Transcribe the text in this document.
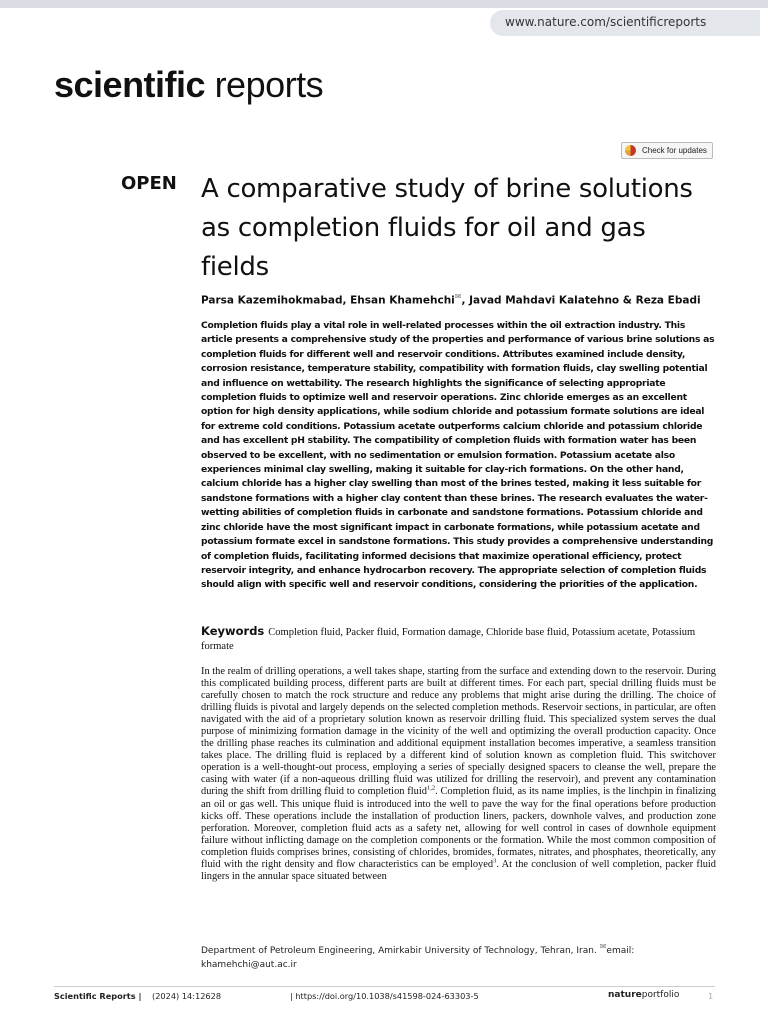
www.nature.com/scientificreports
scientific reports
Check for updates
OPEN A comparative study of brine solutions as completion fluids for oil and gas fields
Parsa Kazemihokmabad, Ehsan Khamehchi✉, Javad Mahdavi Kalatehno & Reza Ebadi

Completion fluids play a vital role in well-related processes within the oil extraction industry. This article presents a comprehensive study of the properties and performance of various brine solutions as completion fluids for different well and reservoir conditions. Attributes examined include density, corrosion resistance, temperature stability, compatibility with formation fluids, clay swelling potential and influence on wettability. The research highlights the significance of selecting appropriate completion fluids to optimize well and reservoir operations. Zinc chloride emerges as an excellent option for high density applications, while sodium chloride and potassium formate solutions are ideal for extreme cold conditions. Potassium acetate outperforms calcium chloride and potassium chloride and has excellent pH stability. The compatibility of completion fluids with formation water has been observed to be excellent, with no sedimentation or emulsion formation. Potassium acetate also experiences minimal clay swelling, making it suitable for clay-rich formations. On the other hand, calcium chloride has a higher clay swelling than most of the brines tested, making it less suitable for sandstone formations with a higher clay content than these brines. The research evaluates the water-wetting abilities of completion fluids in carbonate and sandstone formations. Potassium chloride and zinc chloride have the most significant impact in carbonate formations, while potassium acetate and potassium formate excel in sandstone formations. This study provides a comprehensive understanding of completion fluids, facilitating informed decisions that maximize operational efficiency, protect reservoir integrity, and enhance hydrocarbon recovery. The appropriate selection of completion fluids should align with specific well and reservoir conditions, considering the priorities of the application.

Keywords Completion fluid, Packer fluid, Formation damage, Chloride base fluid, Potassium acetate, Potassium formate

In the realm of drilling operations, a well takes shape, starting from the surface and extending down to the reservoir. During this complicated building process, different parts are built at different times. For each part, special drilling fluids must be carefully chosen to match the rock structure and reduce any problems that might arise during the drilling. The choice of drilling fluids is pivotal and largely depends on the selected completion methods. Reservoir sections, in particular, are often navigated with the aid of a proprietary solution known as reservoir drilling fluid. This specialized system serves the dual purpose of minimizing formation damage in the vicinity of the well and optimizing the overall production capacity. Once the drilling phase reaches its culmination and additional equipment installation becomes imperative, a seamless transition takes place. The drilling fluid is replaced by a different kind of solution known as completion fluid. This switchover operation is a well-thought-out process, employing a series of specially designed spacers to cleanse the well, prepare the casing with water (if a non-aqueous drilling fluid was utilized for drilling the reservoir), and prevent any contamination during the shift from drilling fluid to completion fluid$^{1,2}$. Completion fluid, as its name implies, is the linchpin in finalizing an oil or gas well. This unique fluid is introduced into the well to pave the way for the final operations before production kicks off. These operations include the installation of production liners, packers, downhole valves, and production zone perforation. Moreover, completion fluid acts as a safety net, allowing for well control in cases of downhole equipment failure without inflicting damage on the completion components or the formation. While the most common composition of completion fluids comprises brines, consisting of chlorides, bromides, formates, nitrates, and phosphates, theoretically, any fluid with the right density and flow characteristics can be employed$^3$. At the conclusion of well completion, packer fluid lingers in the annular space situated between

Department of Petroleum Engineering, Amirkabir University of Technology, Tehran, Iran. ✉email: khamehchi@aut.ac.ir
Scientific Reports | (2024) 14:12628	| https://doi.org/10.1038/s41598-024-63303-5	natureportfolio	1
